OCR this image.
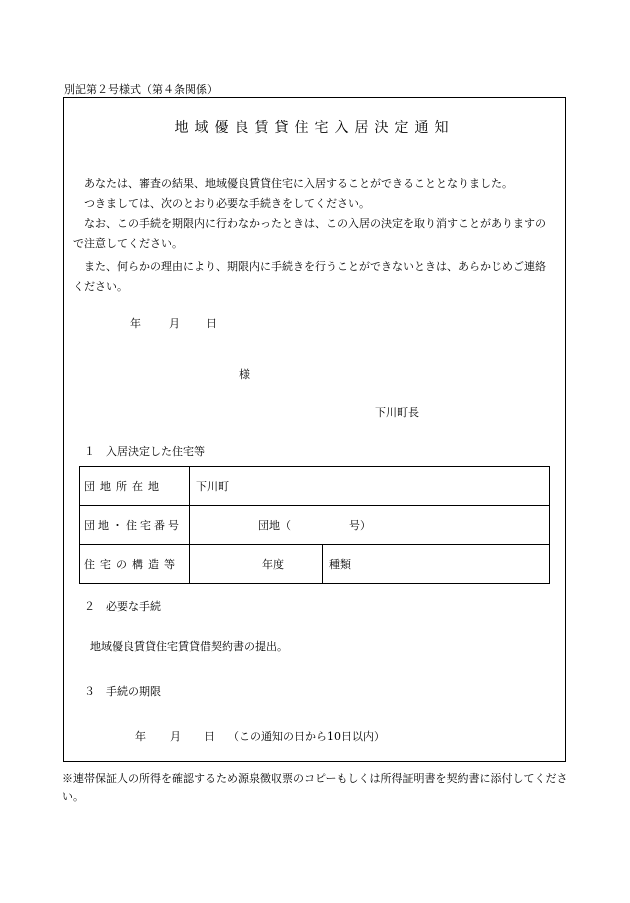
別記第２号様式（第４条関係）
地域優良賃貸住宅入居決定通知
あなたは、審査の結果、地域優良賃貸住宅に入居することができることとなりました。
つきましては、次のとおり必要な手続きをしてください。
なお、この手続を期限内に行わなかったときは、この入居の決定を取り消すことがありますの
で注意してください。
また、何らかの理由により、期限内に手続きを行うことができないときは、あらかじめご連絡
ください。
年	月 日
様
下川町長
１　入居決定した住宅等
団地所在地	下川町	
団地・住宅番号	団地（ 号）	
住宅の構造等	年度	種類
２　必要な手続
地域優良賃貸住宅賃貸借契約書の提出。
３　手続の期限
年 月 日 （この通知の日から10日以内）
※連帯保証人の所得を確認するため源泉徴収票のコピーもしくは所得証明書を契約書に添付してください。
